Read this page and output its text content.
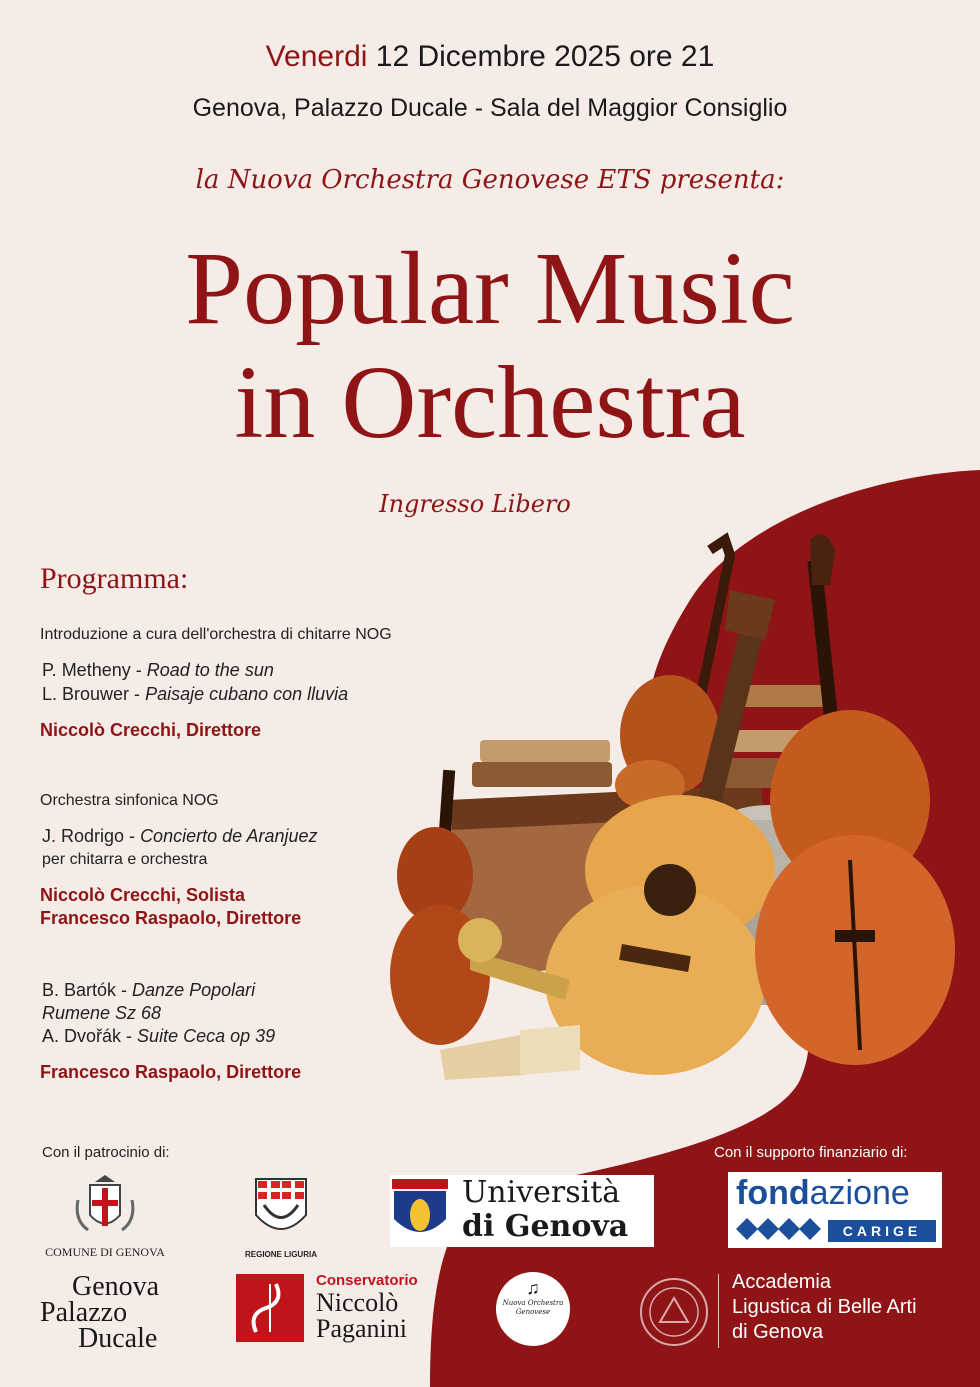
Venerdi 12 Dicembre 2025 ore 21
Genova, Palazzo Ducale - Sala del Maggior Consiglio
la Nuova Orchestra Genovese ETS presenta:
Popular Music
in Orchestra
Ingresso Libero
Programma:
Introduzione a cura dell'orchestra di chitarre NOG
P. Metheny - Road to the sun
L. Brouwer - Paisaje cubano con lluvia
Niccolò Crecchi, Direttore
Orchestra sinfonica NOG
J. Rodrigo - Concierto de Aranjuez
per chitarra e orchestra
Niccolò Crecchi, Solista
Francesco Raspaolo, Direttore
B. Bartók - Danze Popolari
Rumene Sz 68
A. Dvořák - Suite Ceca op 39
Francesco Raspaolo, Direttore
Con il patrocinio di:	Con il supporto finanziario di:
COMUNE DI GENOVA	REGIONE LIGURIA
Università
di Genova
fondazione
CARIGE
Genova
Palazzo
Ducale
Conservatorio
Niccolò
Paganini
♫
Nuova Orchestra
Genovese
Accademia
Ligustica di Belle Arti
di Genova
